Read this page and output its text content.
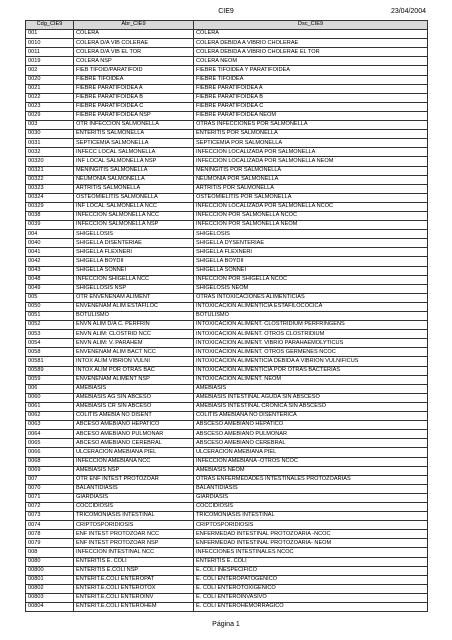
CIE9	23/04/2004
Cdg_CIE9	Abr_CIE9	Dsc_CIE9
001	COLERA	COLERA
0010	COLERA D/A VIB COLERAE	COLERA DEBIDA A VIBRIO CHOLERAE
0011	COLERA D/A VIB EL TOR	COLERA DEBIDA A VIBRIO CHOLERAE EL TOR
0019	COLERA NSP	COLERA NEOM
002	FIEB TIFOID/PARATIFOID	FIEBRE TIFOIDEA Y PARATIFOIDEA
0020	FIEBRE TIFOIDEA	FIEBRE TIFOIDEA
0021	FIEBRE PARATIFOIDEA A	FIEBRE PARATIFOIDEA A
0022	FIEBRE PARATIFOIDEA B	FIEBRE PARATIFOIDEA B
0023	FIEBRE PARATIFOIDEA C	FIEBRE PARATIFOIDEA C
0029	FIEBRE PARATIFOIDEA NSP	FIEBRE PARATIFOIDEA NEOM
003	OTR INFECCION SALMONELLA	OTRAS INFECCIONES POR SALMONELLA
0030	ENTERITIS SALMONELLA	ENTERITIS POR SALMONELLA
0031	SEPTICEMIA SALMONELLA	SEPTICEMIA POR SALMONELLA
0032	INFECC LOCAL SALMONELLA	INFECCION LOCALIZADA POR SALMONELLA
00320	INF LOCAL SALMONELLA NSP	INFECCION LOCALIZADA POR SALMONELLA NEOM
00321	MENINGITIS SALMONELLA	MENINGITIS POR SALMONELLA
00322	NEUMONIA SALMONELLA	NEUMONIA POR SALMONELLA
00323	ARTRITIS SALMONELLA	ARTRITIS POR SALMONELLA
00324	OSTEOMIELITIS SALMONELLA	OSTEOMIELITIS POR SALMONELLA
00329	INF LOCAL SALMONELLA NCC	INFECCION LOCALIZADA POR SALMONELLA NCOC
0038	INFECCION SALMONELLA NCC	INFECCION POR SALMONELLA NCOC
0039	INFECCION SALMONELLA NSP	INFECCION POR SALMONELLA NEOM
004	SHIGELLOSIS	SHIGELOSIS
0040	SHIGELLA DISENTERIAE	SHIGELLA DYSENTERIAE
0041	SHIGELLA FLEXNERI	SHIGELLA FLEXNERI
0042	SHIGELLA BOYDII	SHIGELLA BOYDII
0043	SHIGELLA SONNEI	SHIGELLA SONNEI
0048	INFECCION SHIGELLA NCC	INFECCION POR SHIGELLA NCOC
0049	SHIGELLOSIS NSP	SHIGELOSIS NEOM
005	OTR ENVENENAM ALIMENT	OTRAS INTOXICACIONES ALIMENTICIAS
0050	ENVENENAM ALIM ESTAFILOC	INTOXICACION ALIMENTICIA ESTAFILOCOCICA
0051	BOTULISMO	BOTULISMO
0052	ENVN ALIM D/A C. PERFRIN	INTOXICACION ALIMENT. CLOSTRIDIUM PERFRINGENS
0053	ENVN ALIM: CLOSTRID NCC	INTOXICACION ALIMENT. OTROS CLOSTRIDIUM
0054	ENVN ALIM: V. PARAHEM	INTOXICACION ALIMENT. VIBRIO PARAHAEMOLYTICUS
0058	ENVENENAM ALIM BACT NCC	INTOXICACION ALIMENT. OTROS GERMENES NCOC
00581	INTOX ALIM VIBRION VULNI	INTOXICACION ALIMENTICIA DEBIDA A VIBRION VULNIFICUS
00589	INTOX ALIM POR OTRAS BAC	INTOXICACION ALIMENTICIA POR OTRAS BACTERIAS
0059	ENVENENAM ALIMENT NSP	INTOXICACION ALIMENT. NEOM
006	AMEBIASIS	AMEBIASIS
0060	AMEBIASIS AG SIN ABCESO	AMEBIASIS INTESTINAL AGUDA SIN ABSCESO
0061	AMEBIASIS CR SIN ABCESO	AMEBIASIS INTESTINAL CRONICA SIN ABSCESO
0062	COLITIS AMEBIA NO DISENT	COLITIS AMEBIANA NO DISENTERICA
0063	ABCESO AMEBIANO HEPATICO	ABSCESO AMEBIANO HEPATICO
0064	ABCESO AMEBIANO PULMONAR	ABSCESO AMEBIANO PULMONAR
0065	ABCESO AMEBIANO CEREBRAL	ABSCESO AMEBIANO CEREBRAL
0066	ULCERACION AMEBIANA PIEL	ULCERACION AMEBIANA PIEL
0068	INFECCION AMEBIANA NCC	INFECCION AMEBIANA -OTROS NCOC
0069	AMEBIASIS NSP	AMEBIASIS NEOM
007	OTR ENF INTEST PROTOZOAR	OTRAS ENFERMEDADES INTESTINALES PROTOZOARIAS
0070	BALANTIDIASIS	BALANTIDIASIS
0071	GIARDIASIS	GIARDIASIS
0072	COCCIDIOSIS	COCCIDIOSIS
0073	TRICOMONIASIS INTESTINAL	TRICOMONIASIS INTESTINAL
0074	CRIPTOSPORIDIOSIS	CRIPTOSPORIDIOSIS
0078	ENF INTEST PROTOZOAR NCC	ENFERMEDAD INTESTINAL PROTOZOARIA -NCOC
0079	ENF INTEST PROTOZOAR NSP	ENFERMEDAD INTESTINAL PROTOZOARIA- NEOM
008	INFECCION INTESTINAL NCC	INFECCIONES INTESTINALES NCOC
0080	ENTERITIS E. COLI	ENTERITIS E. COLI
00800	ENTERITIS E.COLI NSP	E. COLI INESPECIFICO
00801	ENTERIT.E.COLI ENTEROPAT	E. COLI ENTEROPATOGENICO
00802	ENTERIT.E.COLI ENTEROTOX	E. COLI ENTEROTOXIGENICO
00803	ENTERIT.E.COLI ENTEROINV	E. COLI ENTEROINVASIVO
00804	ENTERIT.E.COLI ENTEROHEM	E. COLI ENTEROHEMORRAGICO
Página 1
